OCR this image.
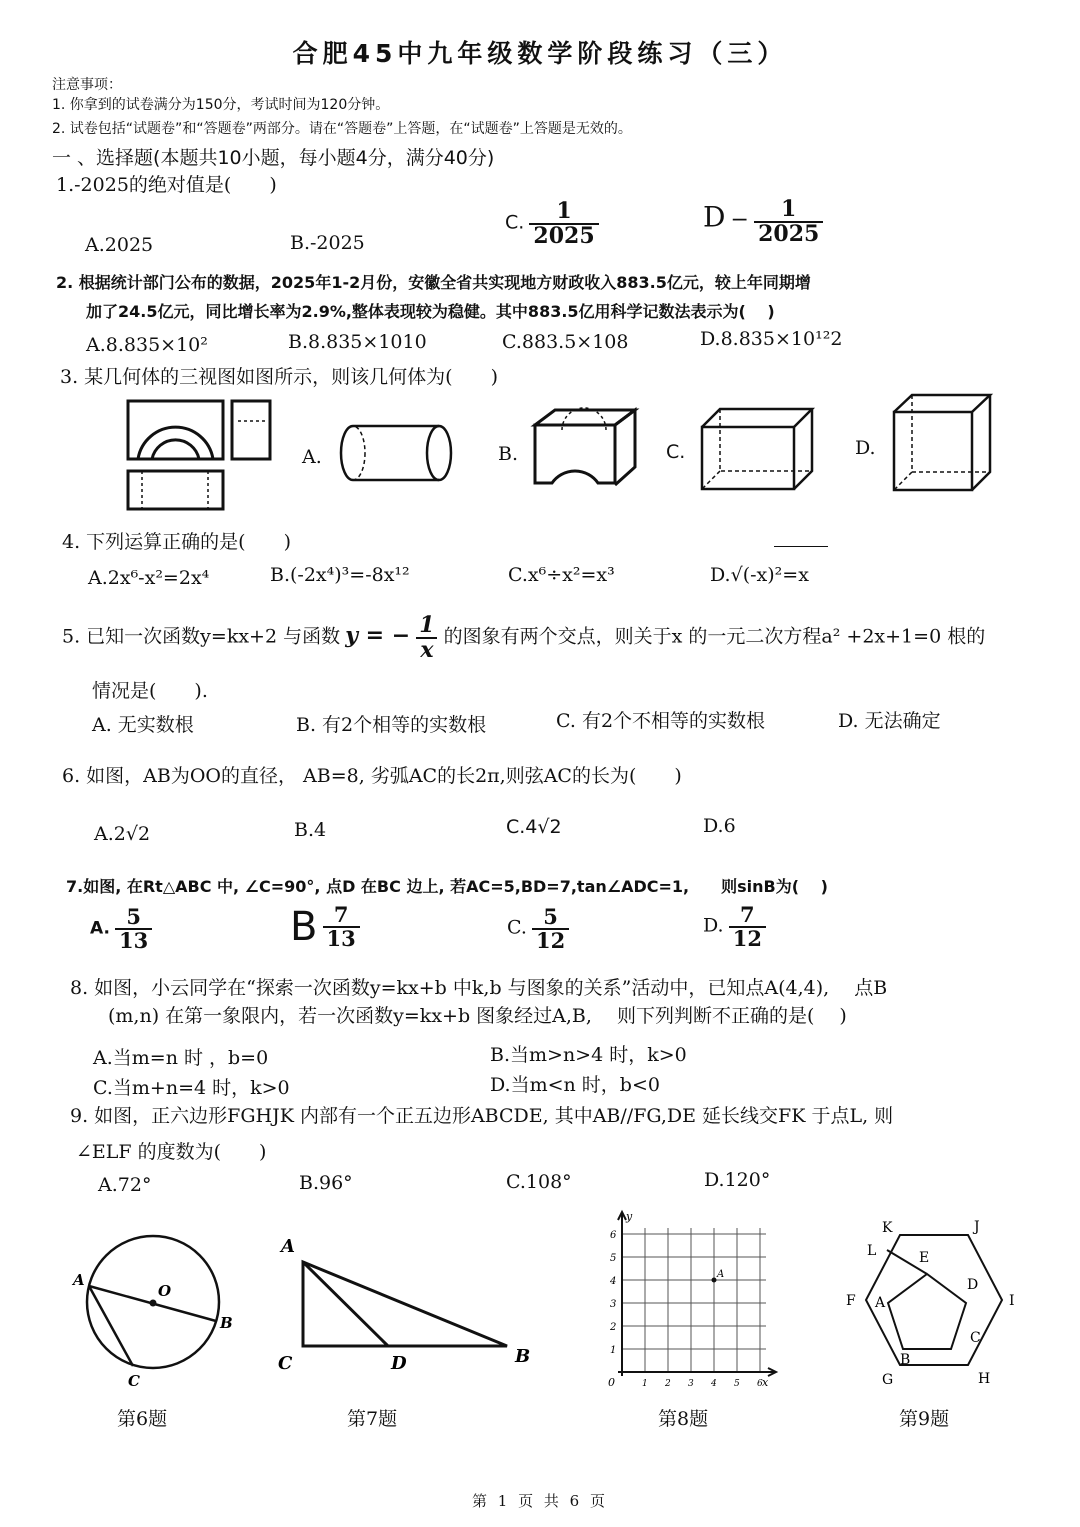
合肥45中九年级数学阶段练习（三）
注意事项：
1. 你拿到的试卷满分为150分，考试时间为120分钟。
2. 试卷包括“试题卷”和“答题卷”两部分。请在“答题卷”上答题，在“试题卷”上答题是无效的。
一 、选择题(本题共10小题，每小题4分，满分40分)
1.-2025的绝对值是(　　)
A.2025	B.-2025
C. $\frac{1}{2025}$	$D - \frac{1}{2025}$
2. 根据统计部门公布的数据，2025年1-2月份，安徽全省共实现地方财政收入883.5亿元，较上年同期增
加了24.5亿元，同比增长率为2.9%,整体表现较为稳健。其中883.5亿用科学记数法表示为(　 )
A.8.835×10²	B.8.835×1010	C.883.5×108	D.8.835×10¹²2
3. 某几何体的三视图如图所示，则该几何体为(　　)
A.	B.	C.	D.
4. 下列运算正确的是(　　)
A.2x⁶-x²=2x⁴	B.(-2x⁴)³=-8x¹²	C.x⁶÷x²=x³	D.√(-x)²=x
5. 已知一次函数y=kx+2 与函数 y = − $\frac{1}{x}$ 的图象有两个交点，则关于x 的一元二次方程a² +2x+1=0 根的
情况是(　　).
A. 无实数根	B. 有2个相等的实数根	C. 有2个不相等的实数根	D. 无法确定
6. 如图，AB为OO的直径， AB=8, 劣弧AC的长2π,则弦AC的长为(　　)
A.2√2	B.4	C.4√2	D.6
7.如图, 在Rt△ABC 中, ∠C=90°, 点D 在BC 边上, 若AC=5,BD=7,tan∠ADC=1,　　则sinB为(　 )
A. $\frac{5}{13}$	B $\frac{7}{13}$	C. $\frac{5}{12}$	D. $\frac{7}{12}$
8. 如图，小云同学在“探索一次函数y=kx+b 中k,b 与图象的关系”活动中，已知点A(4,4),　 点B
(m,n) 在第一象限内，若一次函数y=kx+b 图象经过A,B,　 则下列判断不正确的是(　 )
A.当m=n 时 ，b=0	B.当m>n>4 时，k>0
C.当m+n=4 时，k>0	D.当m<n 时，b<0
9. 如图，正六边形FGHJK 内部有一个正五边形ABCDE, 其中AB//FG,DE 延长线交FK 于点L, 则
∠ELF 的度数为(　　)
A.72°	B.96°	C.108°	D.120°
A
O
B
C
第6题
A
C	D	B
第7题
1 2 3 4 5 6
1
2
3
4
5
6
0
y
x
A
第8题
K	J
L	E
F A
D
I
B
C
G	H
第9题
第 1 页 共 6 页
